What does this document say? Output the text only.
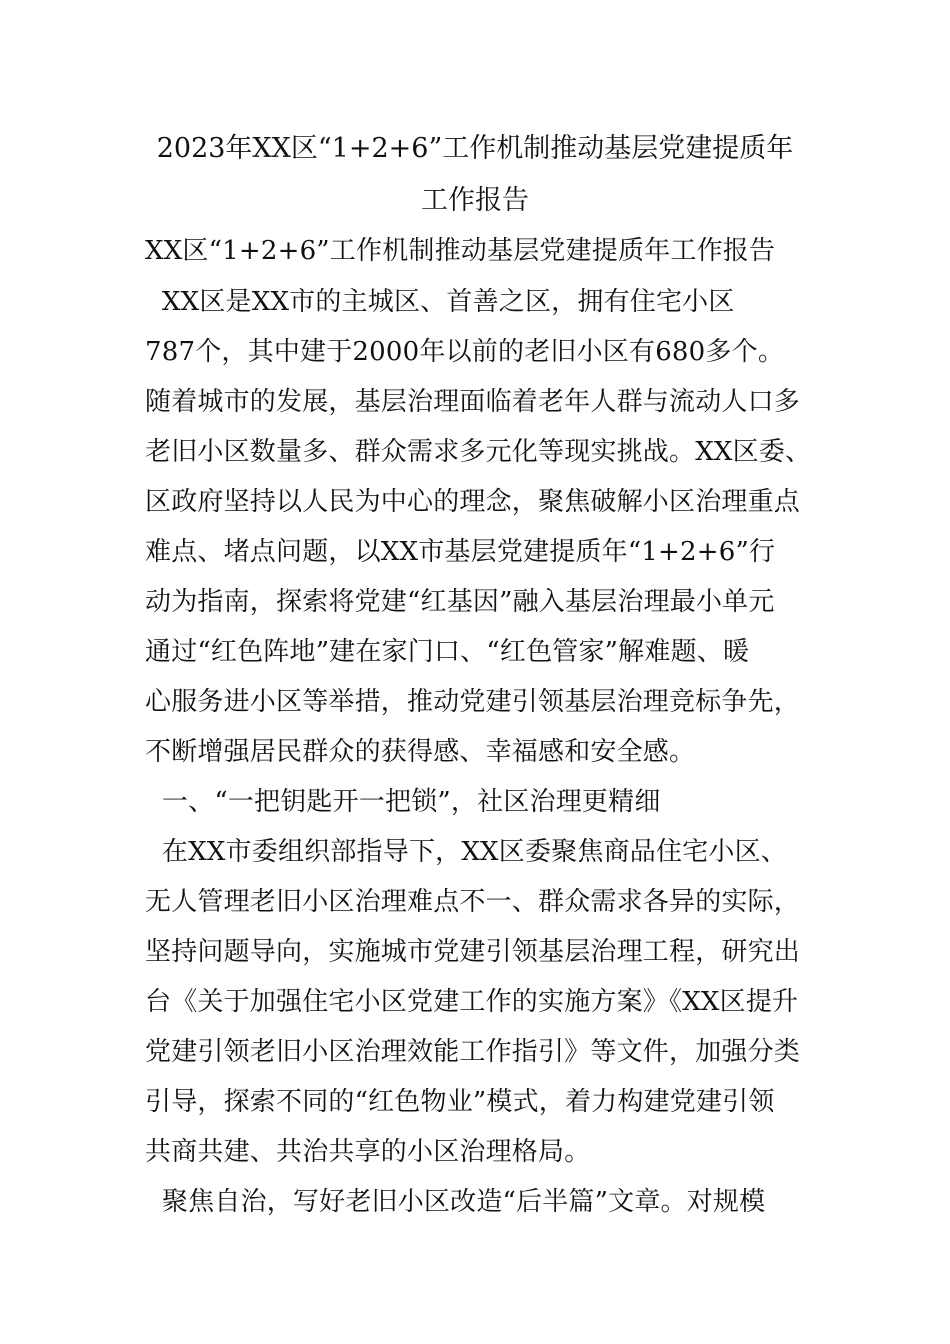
2023年XX区“1+2+6”工作机制推动基层党建提质年
工作报告
XX区“1+2+6”工作机制推动基层党建提质年工作报告
XX区是XX市的主城区、首善之区，拥有住宅小区
787个，其中建于2000年以前的老旧小区有680多个。
随着城市的发展，基层治理面临着老年人群与流动人口多
老旧小区数量多、群众需求多元化等现实挑战。XX区委、
区政府坚持以人民为中心的理念，聚焦破解小区治理重点
难点、堵点问题，以XX市基层党建提质年“1+2+6”行
动为指南，探索将党建“红基因”融入基层治理最小单元
通过“红色阵地”建在家门口、“红色管家”解难题、暖
心服务进小区等举措，推动党建引领基层治理竞标争先，
不断增强居民群众的获得感、幸福感和安全感。
一、“一把钥匙开一把锁”，社区治理更精细
在XX市委组织部指导下，XX区委聚焦商品住宅小区、
无人管理老旧小区治理难点不一、群众需求各异的实际，
坚持问题导向，实施城市党建引领基层治理工程，研究出
台《关于加强住宅小区党建工作的实施方案》《XX区提升
党建引领老旧小区治理效能工作指引》等文件，加强分类
引导，探索不同的“红色物业”模式，着力构建党建引领
共商共建、共治共享的小区治理格局。
聚焦自治，写好老旧小区改造“后半篇”文章。对规模
